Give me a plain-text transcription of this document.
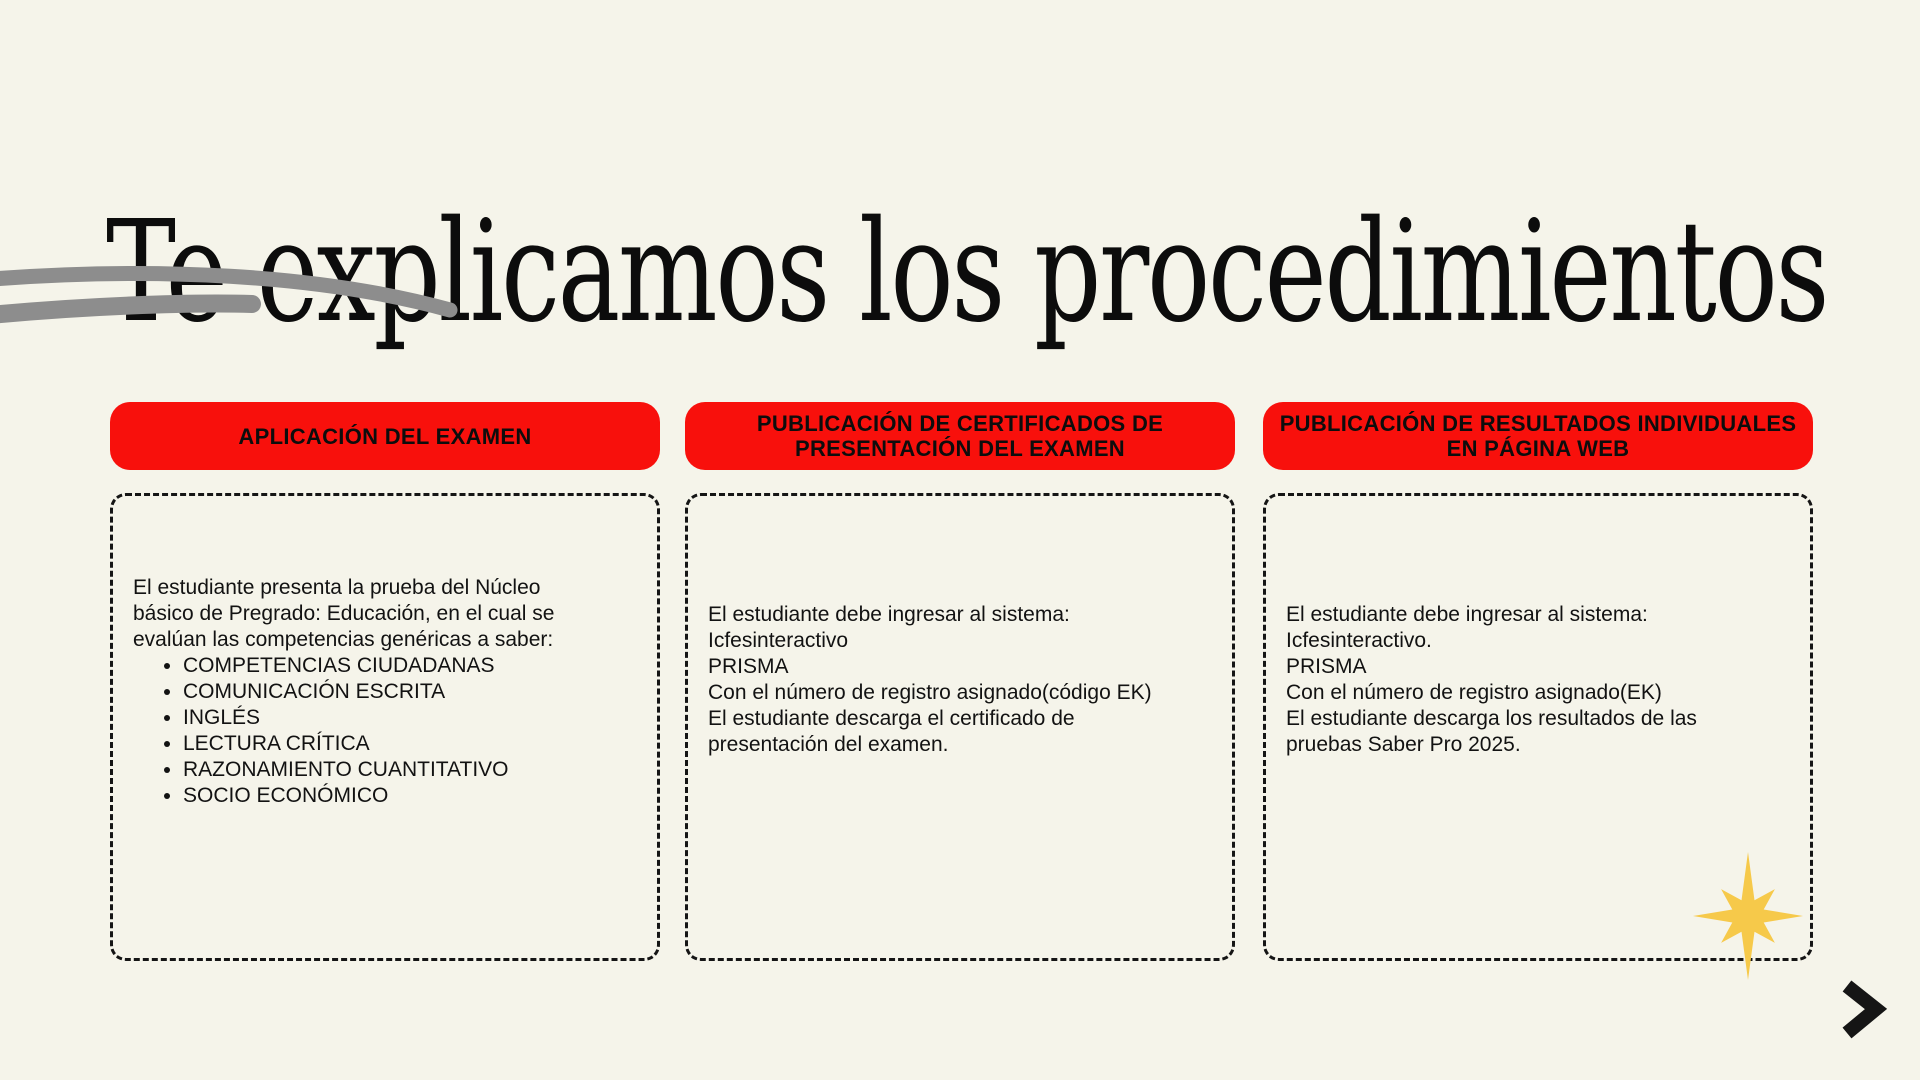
Te explicamos los procedimientos
APLICACIÓN DEL EXAMEN	PUBLICACIÓN DE CERTIFICADOS DE PRESENTACIÓN DEL EXAMEN
PUBLICACIÓN DE RESULTADOS INDIVIDUALES EN PÁGINA WEB

El estudiante presenta la prueba del Núcleo básico de Pregrado: Educación, en el cual se evalúan las competencias genéricas a saber:

• COMPETENCIAS CIUDADANAS
• COMUNICACIÓN ESCRITA
• INGLÉS
• LECTURA CRÍTICA
• RAZONAMIENTO CUANTITATIVO
• SOCIO ECONÓMICO
El estudiante debe ingresar al sistema:
Icfesinteractivo
PRISMA
Con el número de registro asignado(código EK)
El estudiante descarga el certificado de presentación del examen.
El estudiante debe ingresar al sistema:
Icfesinteractivo.
PRISMA
Con el número de registro asignado(EK)
El estudiante descarga los resultados de las pruebas Saber Pro 2025.
